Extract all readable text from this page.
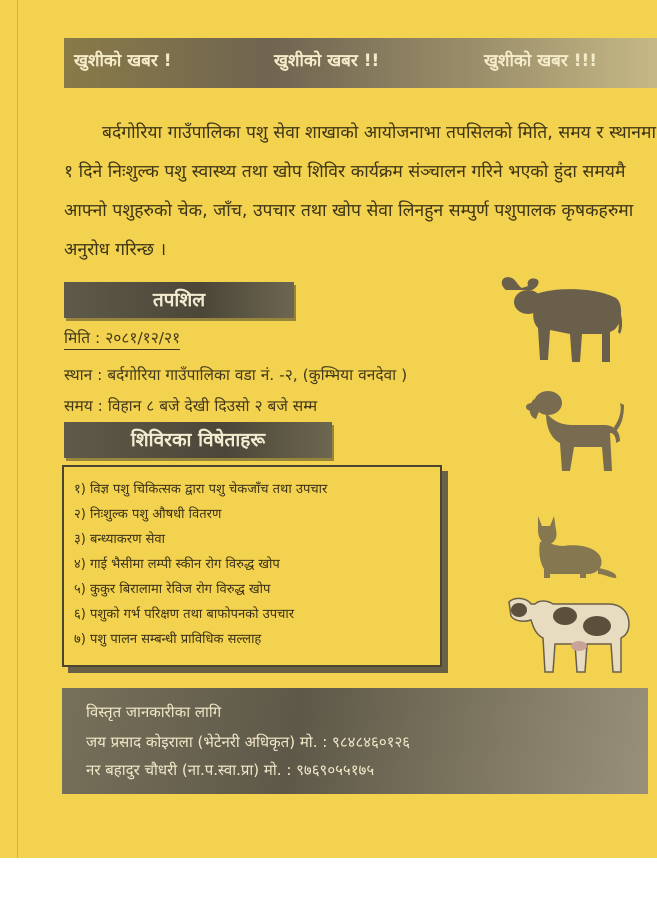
खुशीको खबर !	खुशीको खबर !!	खुशीको खबर !!!

बर्दगोरिया गाउँपालिका पशु सेवा शाखाको आयोजनाभा तपसिलको मिति, समय र स्थानमा १ दिने निःशुल्क पशु स्वास्थ्य तथा खोप शिविर कार्यक्रम संञ्चालन गरिने भएको हुंदा समयमै आफ्नो पशुहरुको चेक, जाँच, उपचार तथा खोप सेवा लिनहुन सम्पुर्ण पशुपालक कृषकहरुमा अनुरोध गरिन्छ ।

तपशिल
मिति : २०८१/१२/२१
स्थान : बर्दगोरिया गाउँपालिका वडा नं. -२, (कुम्भिया वनदेवा )
समय : विहान ८ बजे देखी दिउसो २ बजे सम्म
शिविरका विषेताहरू
१) विज्ञ पशु चिकित्सक द्वारा पशु चेकजाँच तथा उपचार
२) निःशुल्क पशु औषधी वितरण
३) बन्ध्याकरण सेवा
४) गाई भैसीमा लम्पी स्कीन रोग विरुद्ध खोप
५) कुकुर बिरालामा रेविज रोग विरुद्ध खोप
६) पशुको गर्भ परिक्षण तथा बाफोपनको उपचार
७) पशु पालन सम्बन्धी प्राविधिक सल्लाह
विस्तृत जानकारीका लागि
जय प्रसाद कोइराला (भेटेनरी अधिकृत) मो. : ९८४८४६०१२६
नर बहादुर चौधरी (ना.प.स्वा.प्रा) मो. : ९७६९०५५१७५
